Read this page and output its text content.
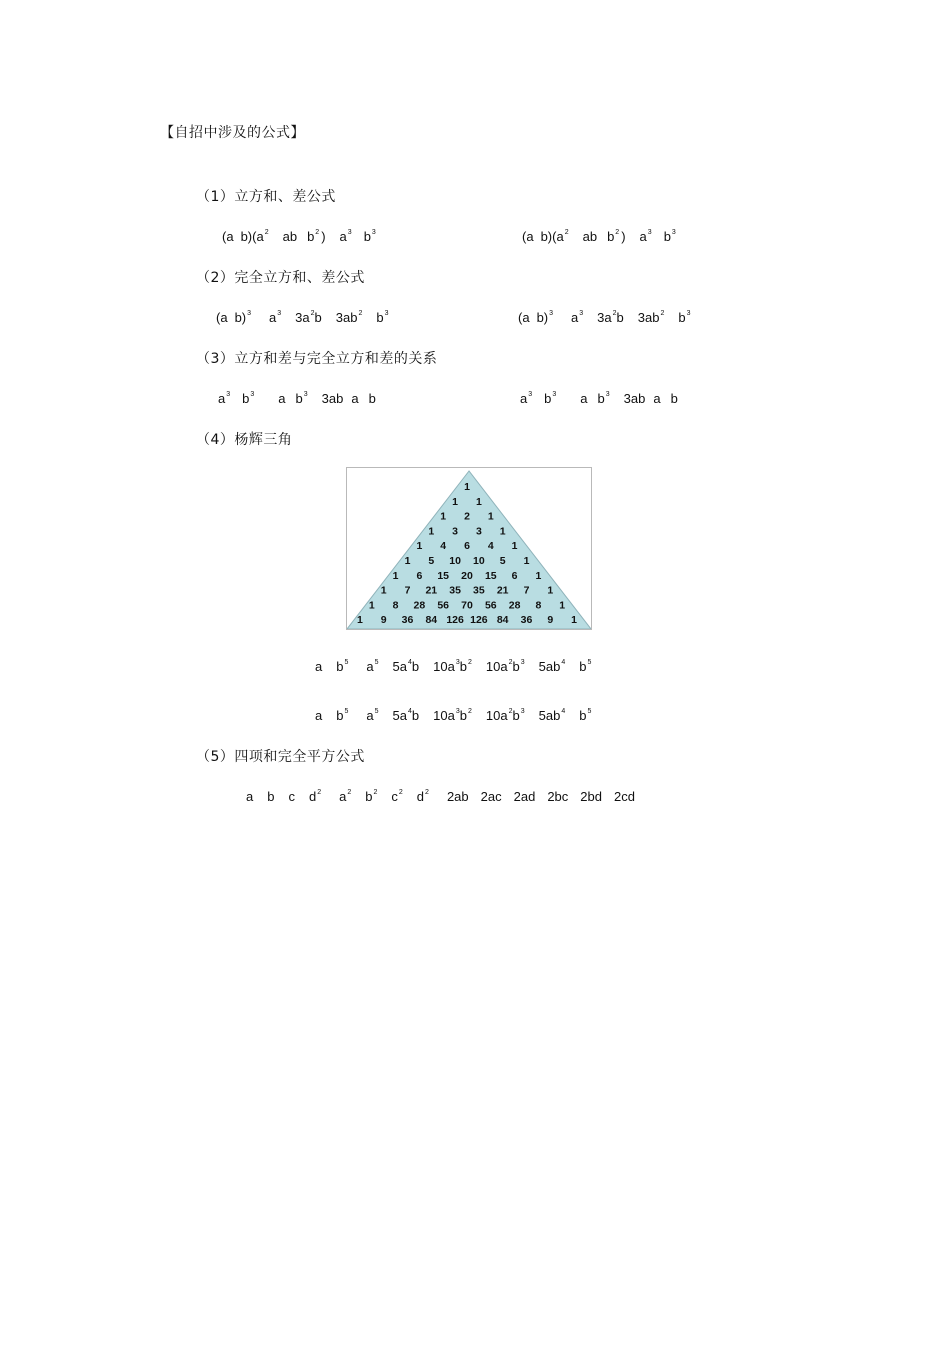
【自招中涉及的公式】
（1）立方和、差公式
(a $b)(a^2$ ab $b^2$ ) $a^3$ $b^3$	(a $b)(a^2$ ab $b^2$ ) $a^3$ $b^3$
（2）完全立方和、差公式
(a b)$^3$ $a^3$ $3a^2b$ $3ab^2$ $b^3$	(a b)$^3$ $a^3$ $3a^2b$ $3ab^2$ $b^3$
（3）立方和差与完全立方和差的关系
$a^3$ $b^3$ a $b^3$ 3ab a b	$a^3$ $b^3$ a $b^3$ 3ab a b
（4）杨辉三角
1
1 1
1 2 1
1 3 3 1
1 4 6 4 1
1 5 10 10 5 1
1 6 15 20 15 6 1
1 7 21 35 35 21 7 1
1 8 28 56 70 56 28 8 1
1 9 36 84 126 126 84 36 9 1
a $b^5$ $a^5$ $5a^4b$ $10a^3b^2$ $10a^2b^3$ $5ab^4$ $b^5$
a $b^5$ $a^5$ $5a^4b$ $10a^3b^2$ $10a^2b^3$ $5ab^4$ $b^5$
（5）四项和完全平方公式
a b c $d^2$ $a^2$ $b^2$ $c^2$ $d^2$ 2ab 2ac 2ad 2bc 2bd 2cd
